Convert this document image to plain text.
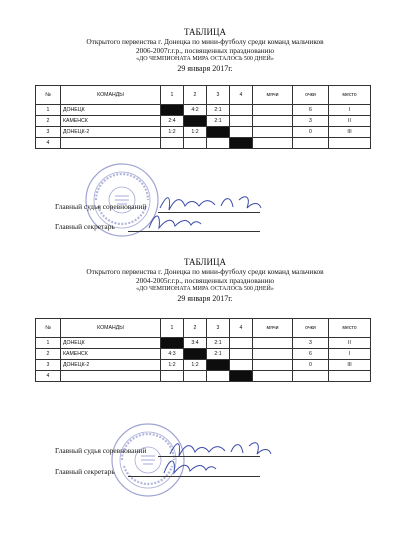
ТАБЛИЦА
Открытого первенства г. Донецка по мини-футболу среди команд мальчиков
2006-2007г.г.р., посвященных празднованию
«ДО ЧЕМПИОНАТА МИРА ОСТАЛОСЬ 500 ДНЕЙ»
29 января 2017г.
№	КОМАНДЫ	1	2	3	4	мячи	очки	место
1	ДОНЕЦК		4:2	2:1			6	I
2	КАМЕНСК	2:4		2:1			3	II
3	ДОНЕЦК-2	1:2	1:2				0	III
4								
Главный судья соревнований
Главный секретарь
ТАБЛИЦА
Открытого первенства г. Донецка по мини-футболу среди команд мальчиков
2004-2005г.г.р., посвященных празднованию
«ДО ЧЕМПИОНАТА МИРА ОСТАЛОСЬ 500 ДНЕЙ»
29 января 2017г.
№	КОМАНДЫ	1	2	3	4	мячи	очки	место
1	ДОНЕЦК		3:4	2:1			3	II
2	КАМЕНСК	4:3		2:1			6	I
3	ДОНЕЦК-2	1:2	1:2				0	III
4								
Главный судья соревнований
Главный секретарь
